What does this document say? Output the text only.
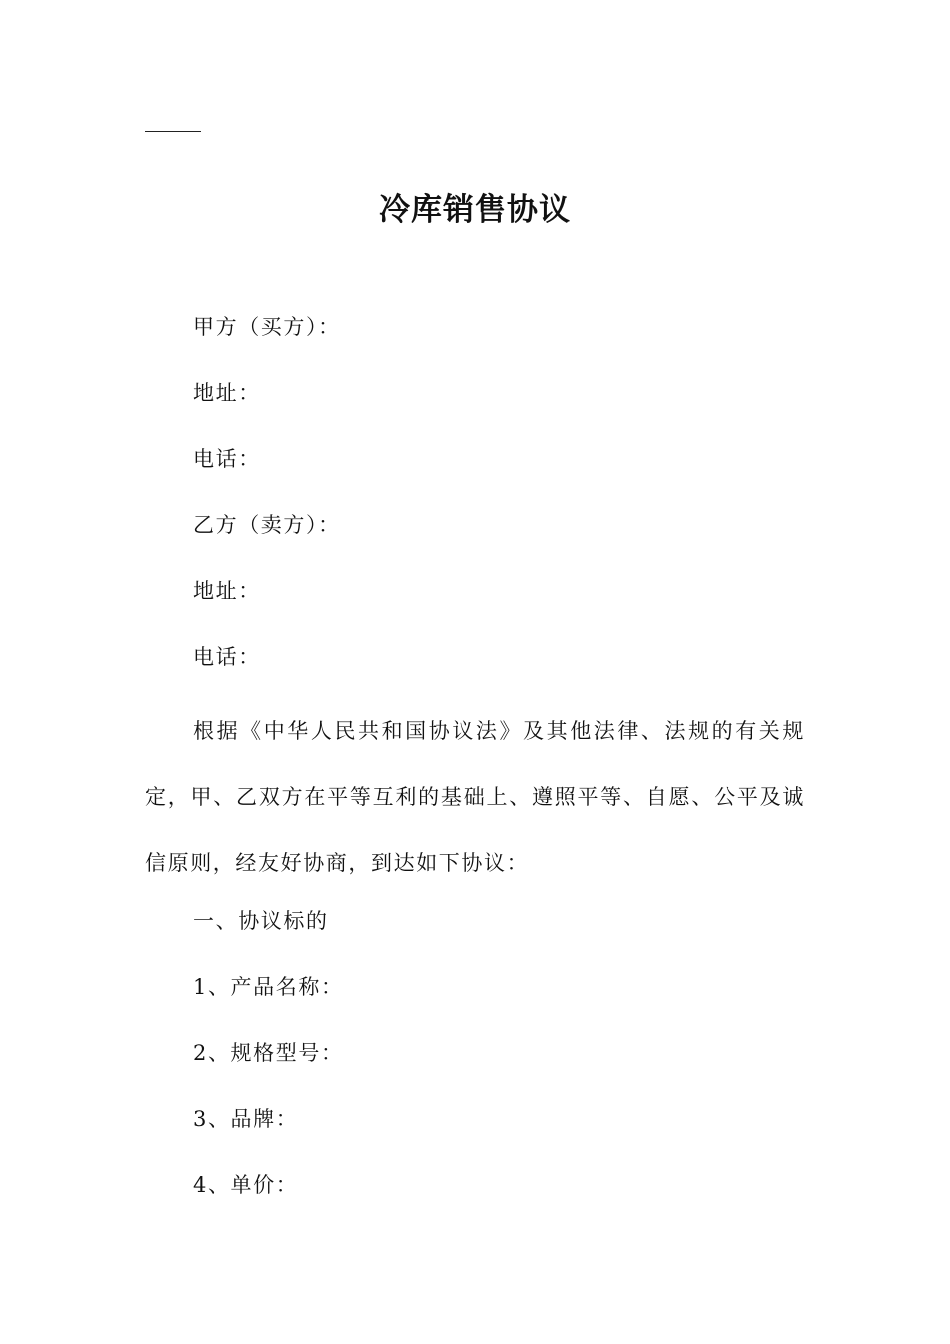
冷库销售协议
甲方（买方）：
地址：
电话：
乙方（卖方）：
地址：
电话：
根据《中华人民共和国协议法》及其他法律、法规的有关规定，甲、乙双方在平等互利的基础上、遵照平等、自愿、公平及诚信原则，经友好协商，到达如下协议：
一、协议标的
1、产品名称：
2、规格型号：
3、品牌：
4、单价：
